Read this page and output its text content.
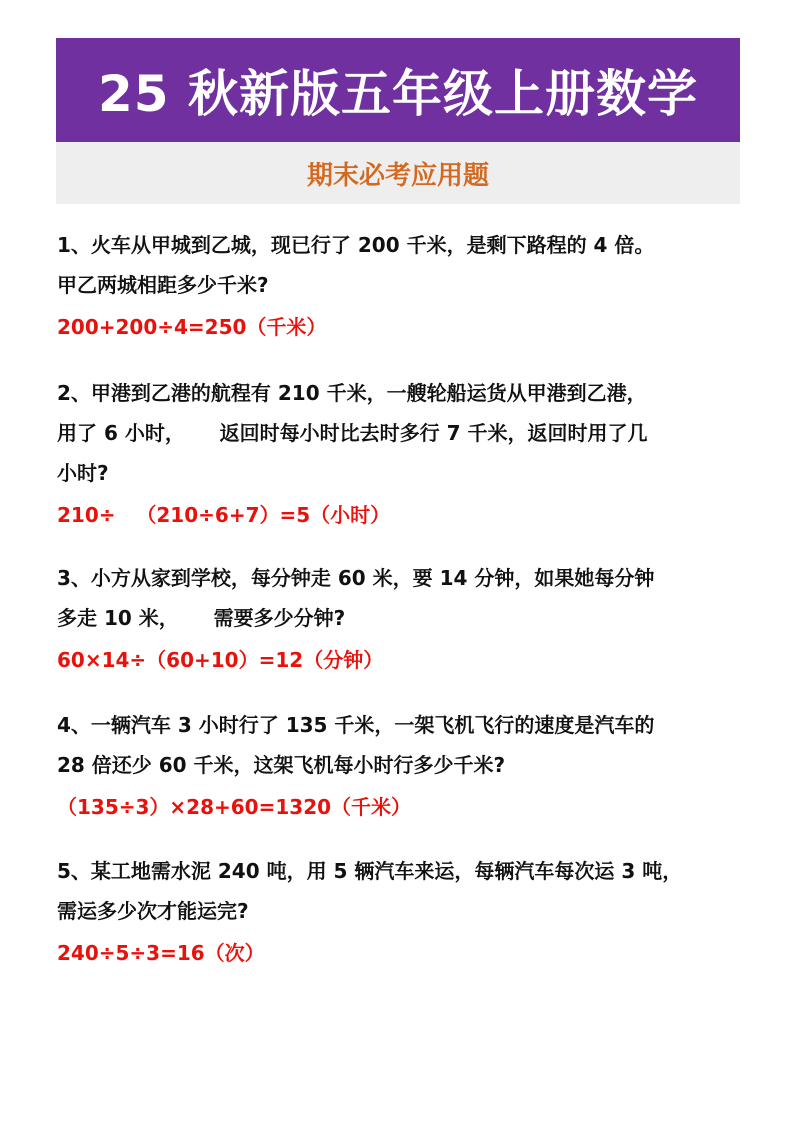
25 秋新版五年级上册数学
期末必考应用题
1、火车从甲城到乙城，现已行了 200 千米，是剩下路程的 4 倍。
甲乙两城相距多少千米?
200+200÷4=250（千米）
2、甲港到乙港的航程有 210 千米，一艘轮船运货从甲港到乙港，
用了 6 小时，     返回时每小时比去时多行 7 千米，返回时用了几
小时?
210÷   （210÷6+7）=5（小时）
3、小方从家到学校，每分钟走 60 米，要 14 分钟，如果她每分钟
多走 10 米，     需要多少分钟?
60×14÷（60+10）=12（分钟）
4、一辆汽车 3 小时行了 135 千米，一架飞机飞行的速度是汽车的
28 倍还少 60 千米，这架飞机每小时行多少千米?
（135÷3）×28+60=1320（千米）
5、某工地需水泥 240 吨，用 5 辆汽车来运，每辆汽车每次运 3 吨，
需运多少次才能运完?
240÷5÷3=16（次）
